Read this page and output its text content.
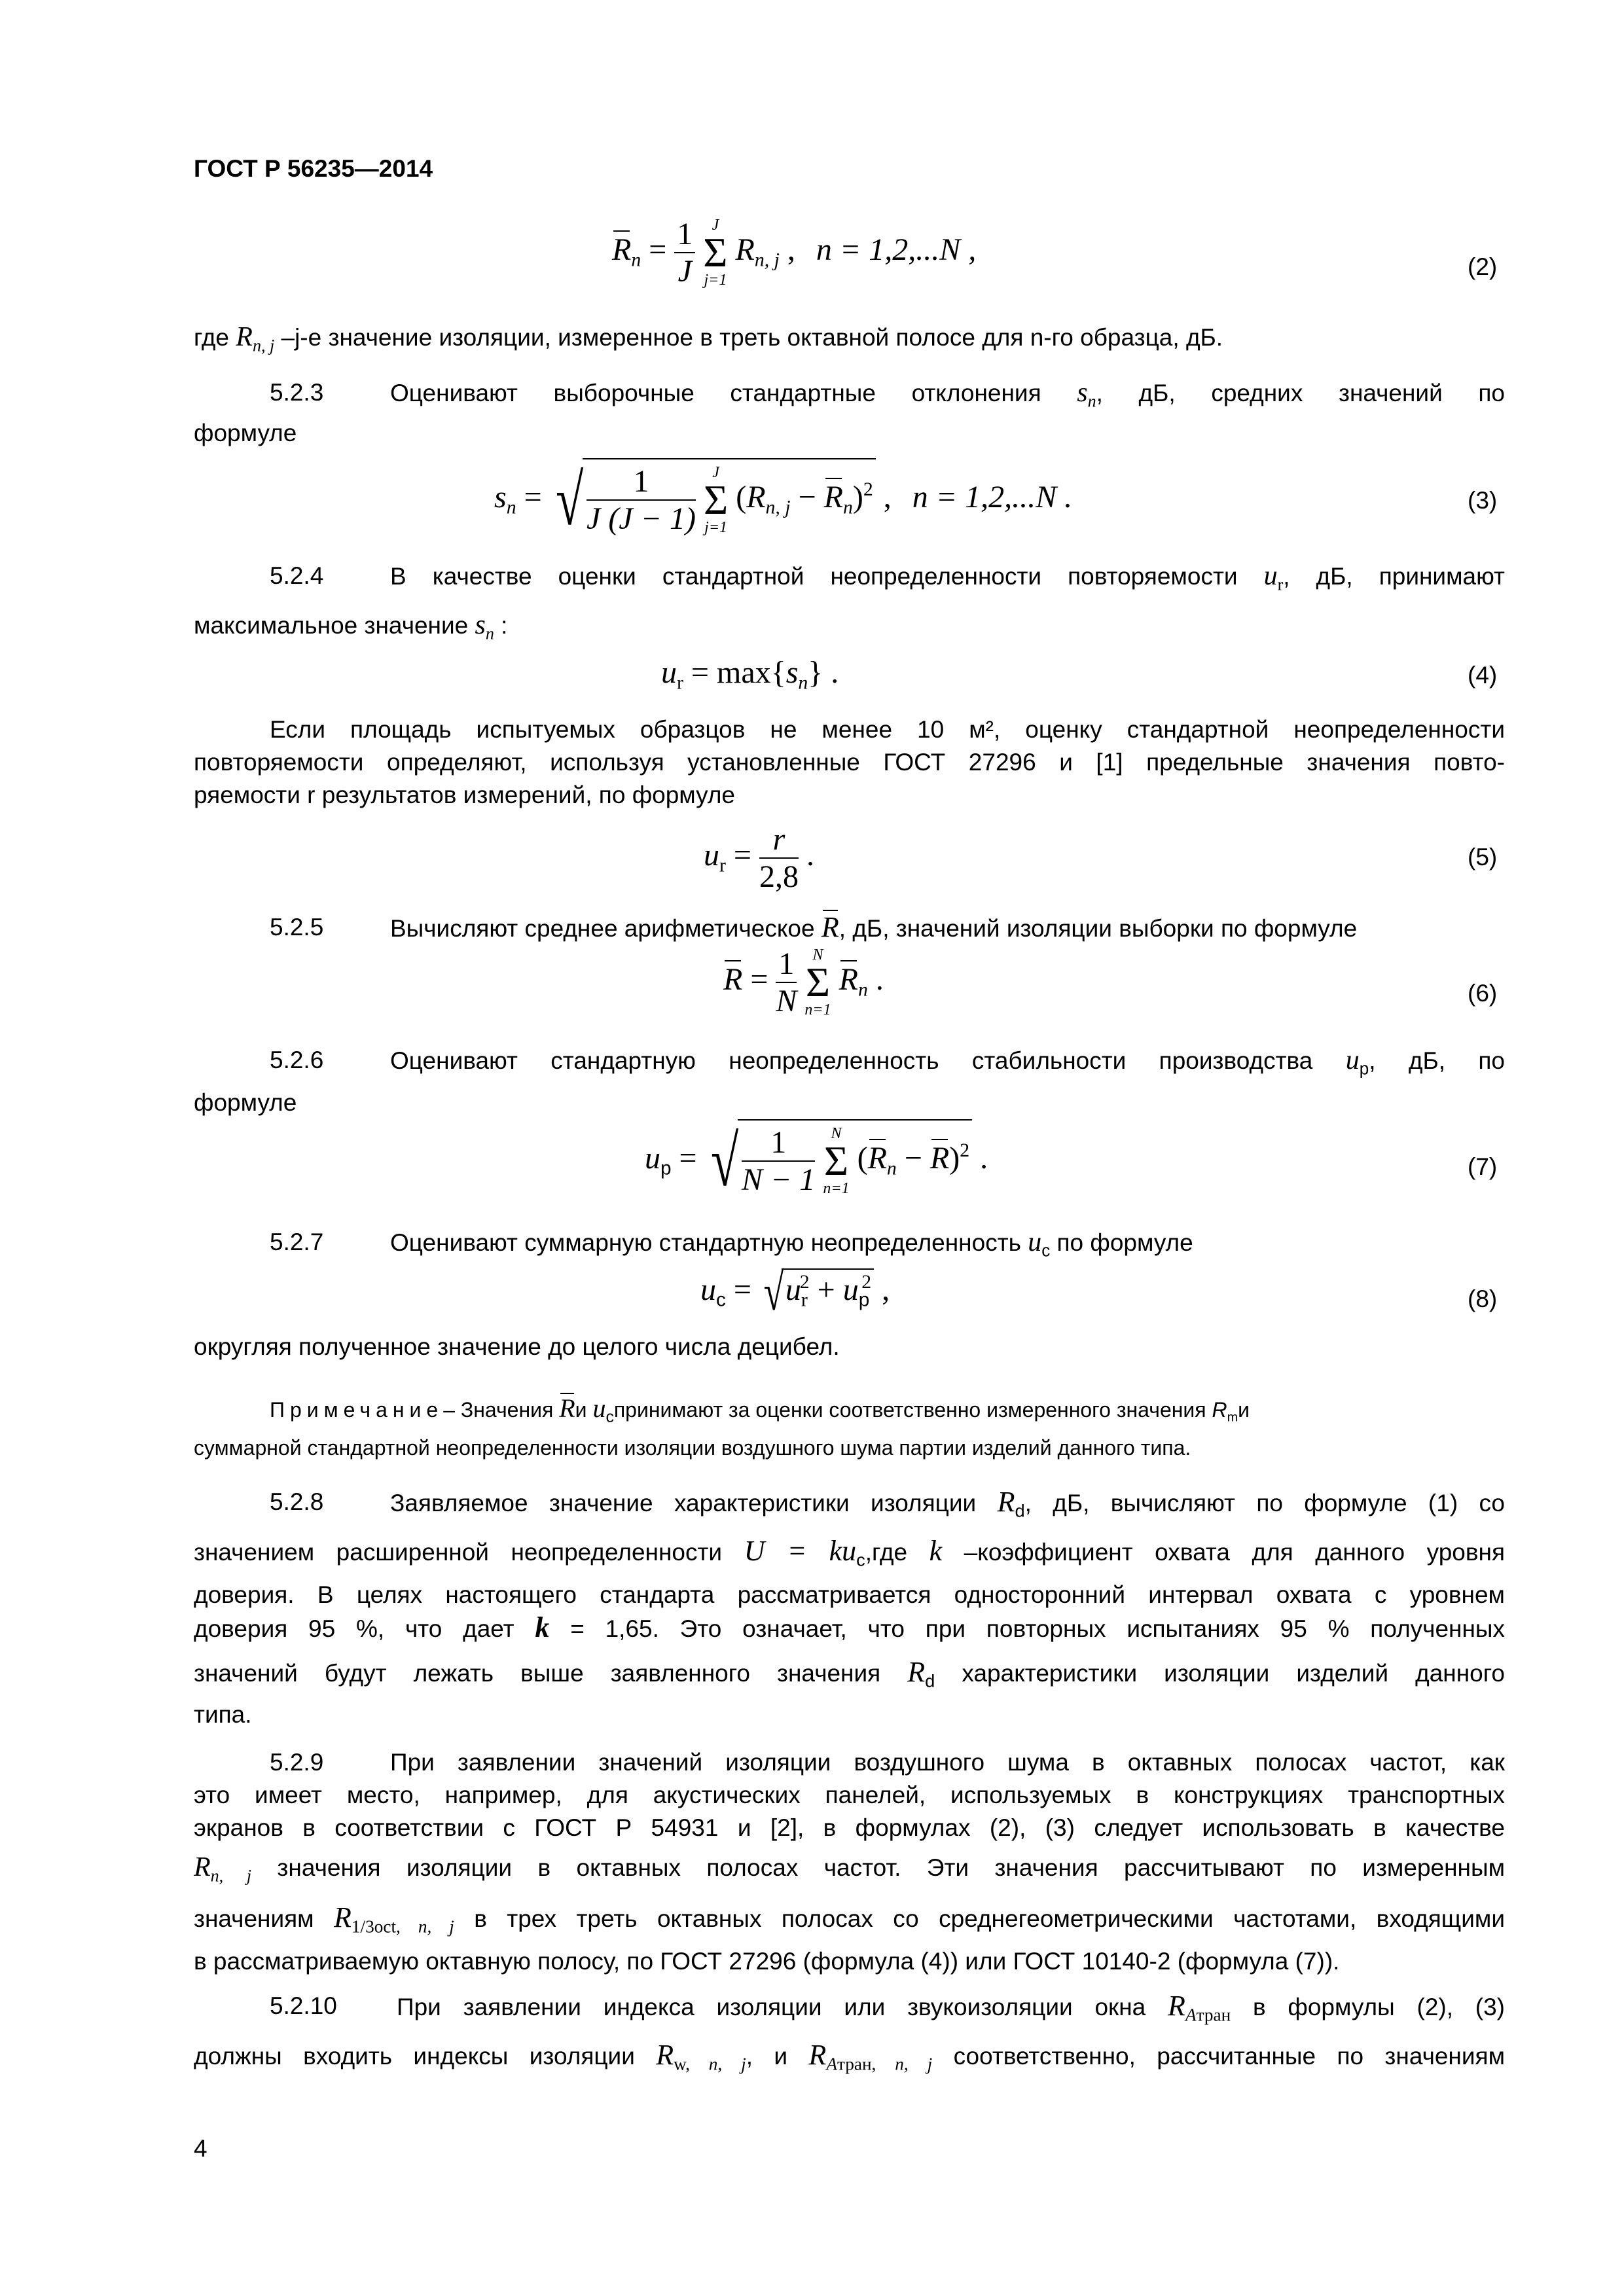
ГОСТ Р 56235—2014
$R_n = \frac{1}{J}$
	J
Σ
j=1
$R_{n, j}$ , n = 1,2,...N ,	(2)
где $R_{n, j}$ –j-е значение изоляции, измеренное в треть октавной полосе для n-го образца, дБ.
5.2.3	Оценивают выборочные стандартные отклонения $s_n$, дБ, средних значений по
формуле
$s_n$ = √ $\frac{1}{J (J - 1)}$
	J
Σ
j=1
$(R_{n, j} - R_n)^2$ , n = 1,2,...N .	(3)
5.2.4	В качестве оценки стандартной неопределенности повторяемости $u_r$, дБ, принимают
максимальное значение $s_n$ :
$u_r = \max\{s_n\}$ .	(4)
Если площадь испытуемых образцов не менее 10 м², оценку стандартной неопределенности
повторяемости определяют, используя установленные ГОСТ 27296 и [1] предельные значения повто-
ряемости r результатов измерений, по формуле
$u_r = \frac{r}{2,8}$ .	(5)
5.2.5	Вычисляют среднее арифметическое R, дБ, значений изоляции выборки по формуле
$R = \frac{1}{N}$
	N
Σ
n=1
$R_n$ .	(6)
5.2.6	Оценивают стандартную неопределенность стабильности производства $u_p$, дБ, по
формуле
$u_p$ = √ $\frac{1}{N - 1}$
	N
Σ
n=1
$(R_n - R)^2$ .	(7)
5.2.7	Оценивают суммарную стандартную неопределенность $u_c$ по формуле
$u_c = √u_r^2 + u_p^2$ ,	(8)
округляя полученное значение до целого числа децибел.
Примечание– Значения Rи $u_cпринимают$ за оценки соответственно измеренного значения $R_mи$
суммарной стандартной неопределенности изоляции воздушного шума партии изделий данного типа.
5.2.8	Заявляемое значение характеристики изоляции $R_d$, дБ, вычисляют по формуле (1) со
значением расширенной неопределенности $U = ku_c,где$ k –коэффициент охвата для данного уровня
доверия. В целях настоящего стандарта рассматривается односторонний интервал охвата с уровнем
доверия 95 %, что дает k = 1,65. Это означает, что при повторных испытаниях 95 % полученных
значений будут лежать выше заявленного значения $R_d$ характеристики изоляции изделий данного
типа.
5.2.9	При заявлении значений изоляции воздушного шума в октавных полосах частот, как
это имеет место, например, для акустических панелей, используемых в конструкциях транспортных
экранов в соответствии с ГОСТ Р 54931 и [2], в формулах (2), (3) следует использовать в качестве
$R_{n, j}$ значения изоляции в октавных полосах частот. Эти значения рассчитывают по измеренным
значениям $R_{1/3oct, n, j}$ в трех треть октавных полосах со среднегеометрическими частотами, входящими
в рассматриваемую октавную полосу, по ГОСТ 27296 (формула (4)) или ГОСТ 10140-2 (формула (7)).
5.2.10 При заявлении индекса изоляции или звукоизоляции окна $R_{Aтран}$ в формулы (2), (3)
должны входить индексы изоляции $R_{w, n, j}$, и $R_{Aтран, n, j}$ соответственно, рассчитанные по значениям
4
